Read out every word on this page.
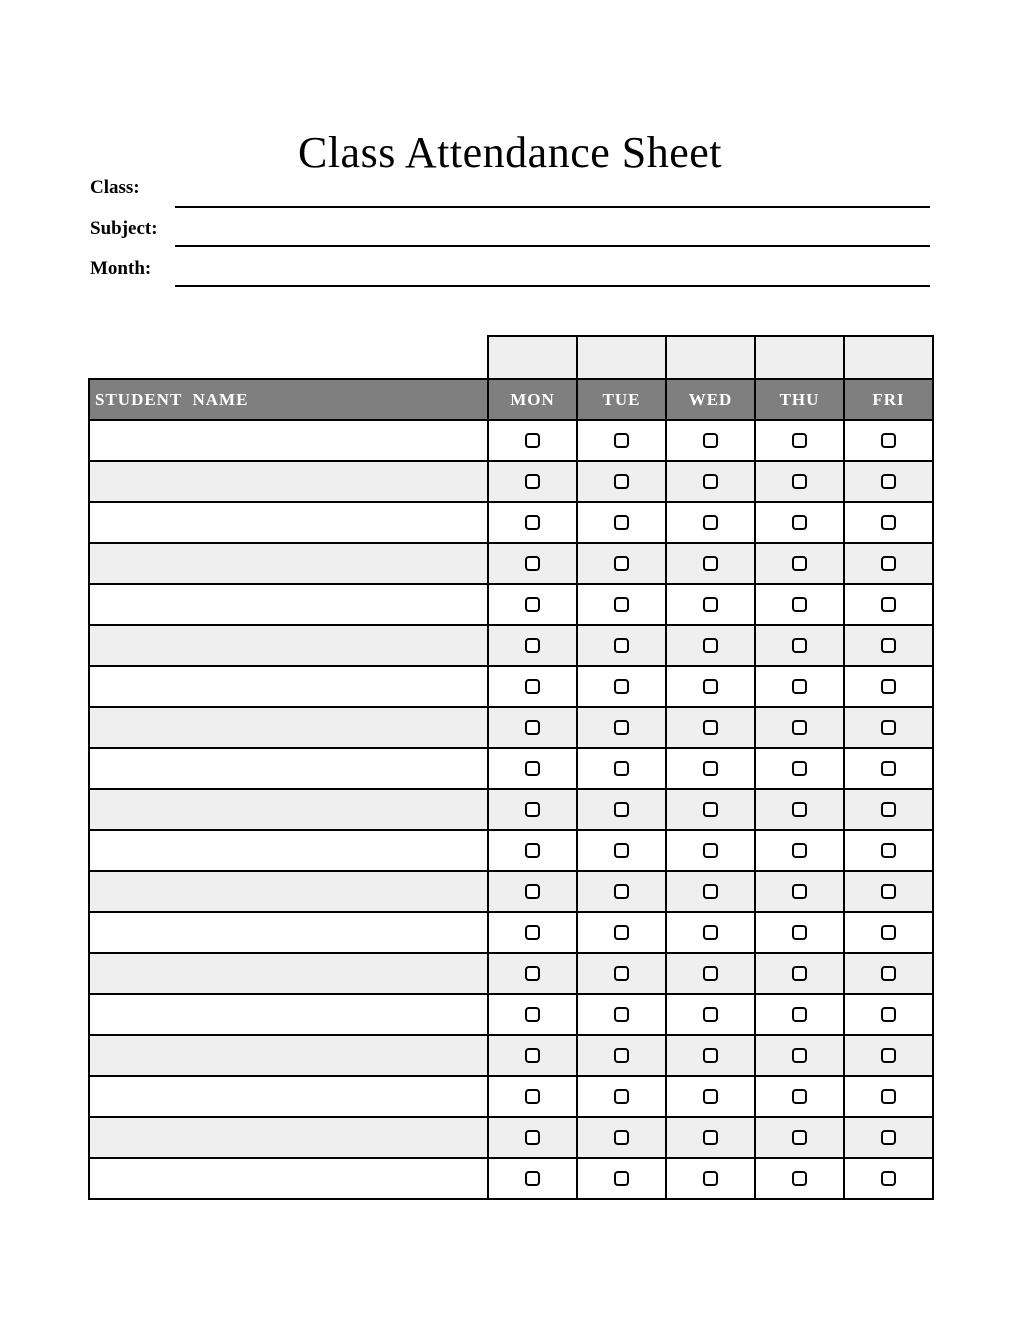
Class Attendance Sheet
Class:
Subject:
Month:

STUDENT  NAME	MON	TUE	WED	THU	FRI
